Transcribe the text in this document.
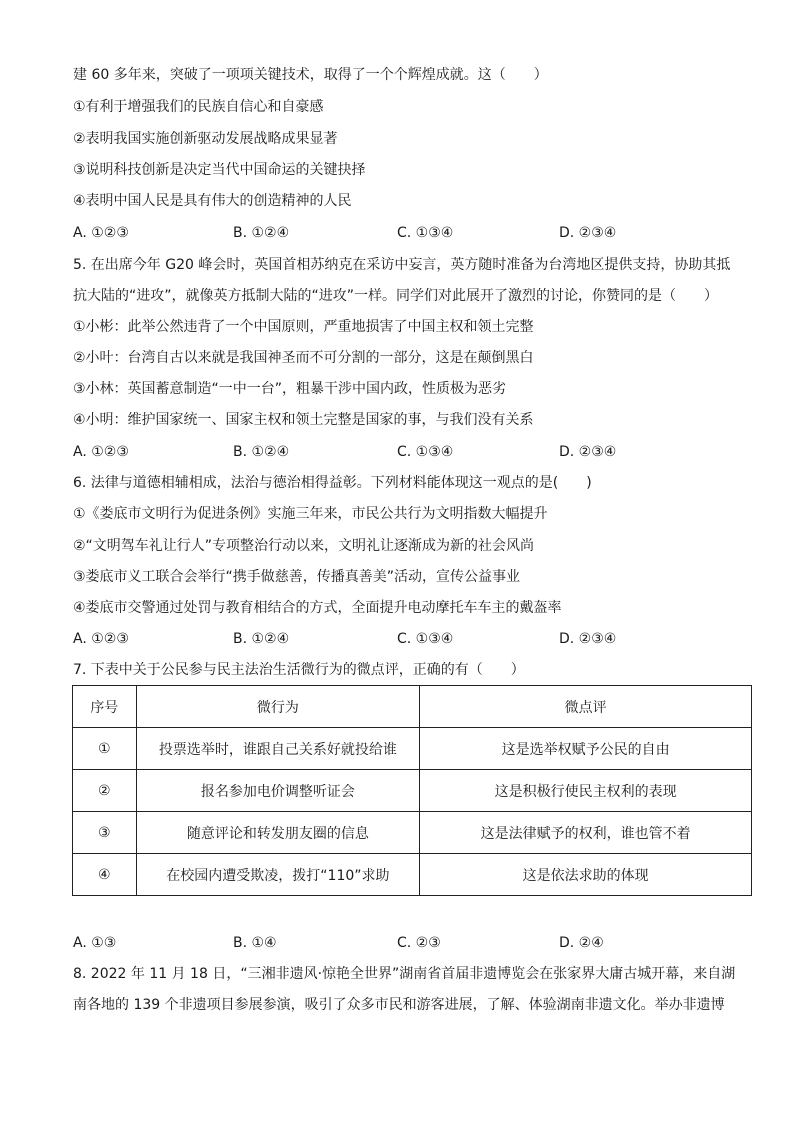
建 60 多年来，突破了一项项关键技术，取得了一个个辉煌成就。这（　　）
①有利于增强我们的民族自信心和自豪感
②表明我国实施创新驱动发展战略成果显著
③说明科技创新是决定当代中国命运的关键抉择
④表明中国人民是具有伟大的创造精神的人民
A. ①②③	B. ①②④	C. ①③④	D. ②③④
5. 在出席今年 G20 峰会时，英国首相苏纳克在采访中妄言，英方随时准备为台湾地区提供支持，协助其抵
抗大陆的“进攻”，就像英方抵制大陆的“进攻”一样。同学们对此展开了激烈的讨论，你赞同的是（　　）
①小彬：此举公然违背了一个中国原则，严重地损害了中国主权和领土完整
②小叶：台湾自古以来就是我国神圣而不可分割的一部分，这是在颠倒黑白
③小林：英国蓄意制造“一中一台”，粗暴干涉中国内政，性质极为恶劣
④小明：维护国家统一、国家主权和领土完整是国家的事，与我们没有关系
A. ①②③	B. ①②④	C. ①③④	D. ②③④
6. 法律与道德相辅相成，法治与德治相得益彰。下列材料能体现这一观点的是(　　)
①《娄底市文明行为促进条例》实施三年来，市民公共行为文明指数大幅提升
②“文明驾车礼让行人”专项整治行动以来，文明礼让逐渐成为新的社会风尚
③娄底市义工联合会举行“携手做慈善，传播真善美”活动，宣传公益事业
④娄底市交警通过处罚与教育相结合的方式，全面提升电动摩托车车主的戴盔率
A. ①②③	B. ①②④	C. ①③④	D. ②③④
7. 下表中关于公民参与民主法治生活微行为的微点评，正确的有（　　）
序号	微行为	微点评
①	投票选举时，谁跟自己关系好就投给谁	这是选举权赋予公民的自由
②	报名参加电价调整听证会	这是积极行使民主权利的表现
③	随意评论和转发朋友圈的信息	这是法律赋予的权利，谁也管不着
④	在校园内遭受欺凌，拨打“110”求助	这是依法求助的体现
A. ①③	B. ①④	C. ②③	D. ②④
8. 2022 年 11 月 18 日，“三湘非遗风·惊艳全世界”湖南省首届非遗博览会在张家界大庸古城开幕，来自湖
南各地的 139 个非遗项目参展参演，吸引了众多市民和游客进展，了解、体验湖南非遗文化。举办非遗博
